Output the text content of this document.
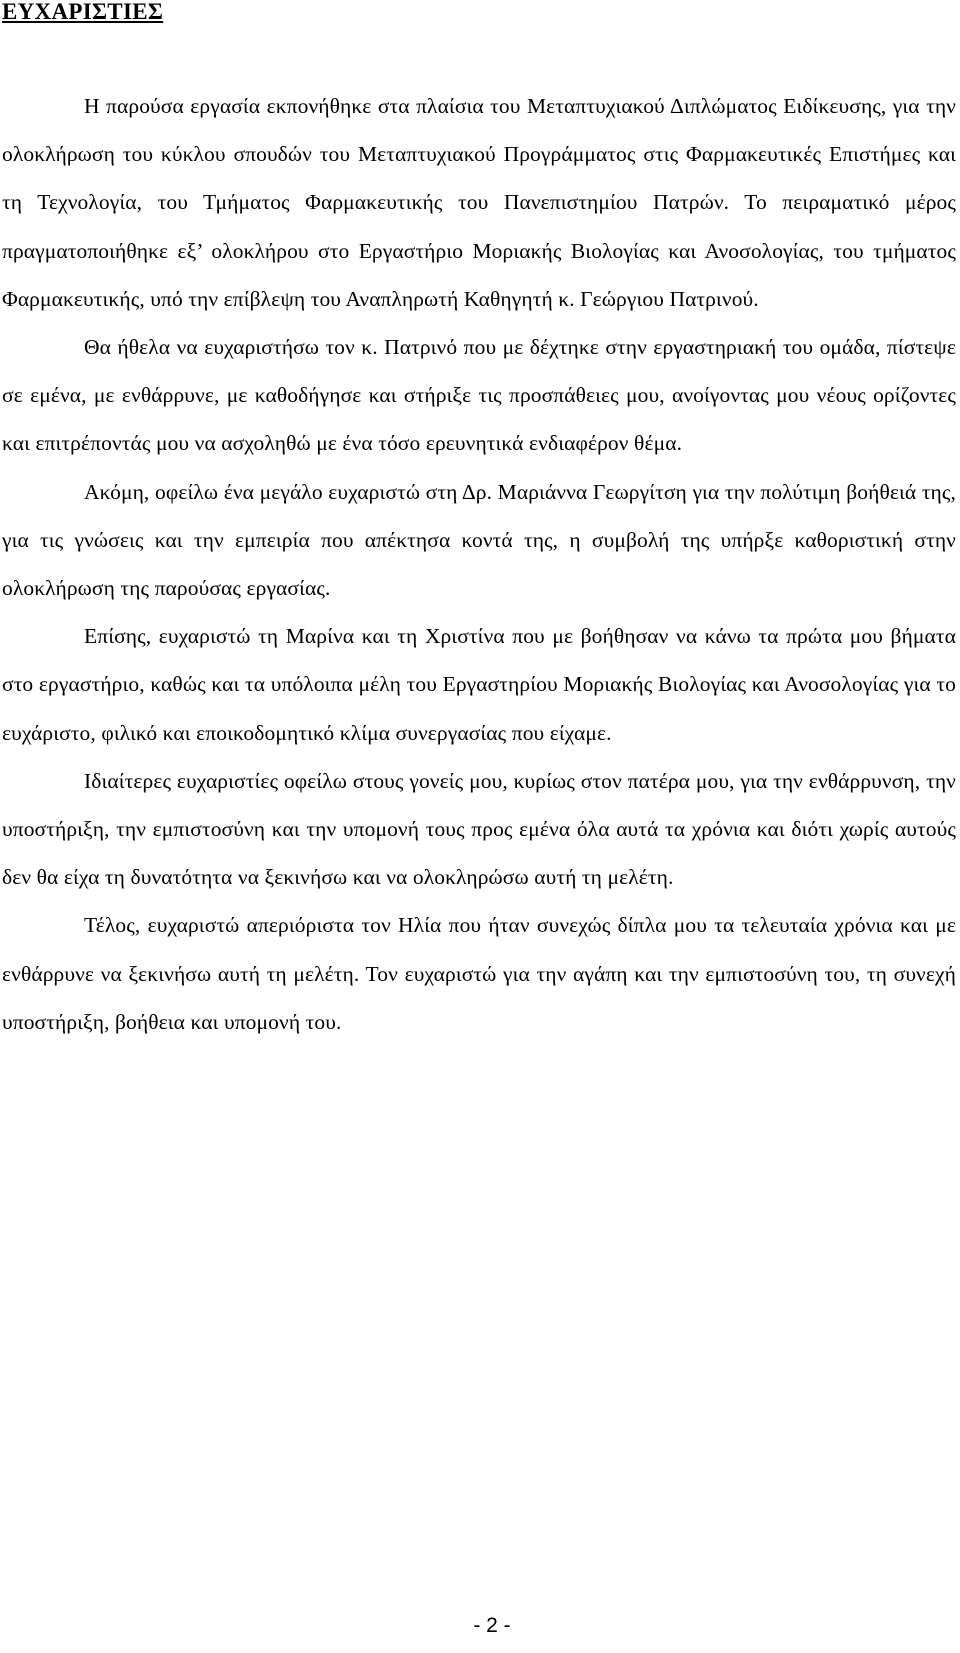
ΕΥΧΑΡΙΣΤΙΕΣ

Η παρούσα εργασία εκπονήθηκε στα πλαίσια του Μεταπτυχιακού Διπλώματος Ειδίκευσης, για την ολοκλήρωση του κύκλου σπουδών του Μεταπτυχιακού Προγράμματος στις Φαρμακευτικές Επιστήμες και τη Τεχνολογία, του Τμήματος Φαρμακευτικής του Πανεπιστημίου Πατρών. Το πειραματικό μέρος πραγματοποιήθηκε εξ’ ολοκλήρου στο Εργαστήριο Μοριακής Βιολογίας και Ανοσολογίας, του τμήματος Φαρμακευτικής, υπό την επίβλεψη του Αναπληρωτή Καθηγητή κ. Γεώργιου Πατρινού.

Θα ήθελα να ευχαριστήσω τον κ. Πατρινό που με δέχτηκε στην εργαστηριακή του ομάδα, πίστεψε σε εμένα, με ενθάρρυνε, με καθοδήγησε και στήριξε τις προσπάθειες μου, ανοίγοντας μου νέους ορίζοντες και επιτρέποντάς μου να ασχοληθώ με ένα τόσο ερευνητικά ενδιαφέρον θέμα.

Ακόμη, οφείλω ένα μεγάλο ευχαριστώ στη Δρ. Μαριάννα Γεωργίτση για την πολύτιμη βοήθειά της, για τις γνώσεις και την εμπειρία που απέκτησα κοντά της, η συμβολή της υπήρξε καθοριστική στην ολοκλήρωση της παρούσας εργασίας.

Επίσης, ευχαριστώ τη Μαρίνα και τη Χριστίνα που με βοήθησαν να κάνω τα πρώτα μου βήματα στο εργαστήριο, καθώς και τα υπόλοιπα μέλη του Εργαστηρίου Μοριακής Βιολογίας και Ανοσολογίας για το ευχάριστο, φιλικό και εποικοδομητικό κλίμα συνεργασίας που είχαμε.

Ιδιαίτερες ευχαριστίες οφείλω στους γονείς μου, κυρίως στον πατέρα μου, για την ενθάρρυνση, την υποστήριξη, την εμπιστοσύνη και την υπομονή τους προς εμένα όλα αυτά τα χρόνια και διότι χωρίς αυτούς δεν θα είχα τη δυνατότητα να ξεκινήσω και να ολοκληρώσω αυτή τη μελέτη.

Τέλος, ευχαριστώ απεριόριστα τον Ηλία που ήταν συνεχώς δίπλα μου τα τελευταία χρόνια και με ενθάρρυνε να ξεκινήσω αυτή τη μελέτη. Τον ευχαριστώ για την αγάπη και την εμπιστοσύνη του, τη συνεχή υποστήριξη, βοήθεια και υπομονή του.

- 2 -
